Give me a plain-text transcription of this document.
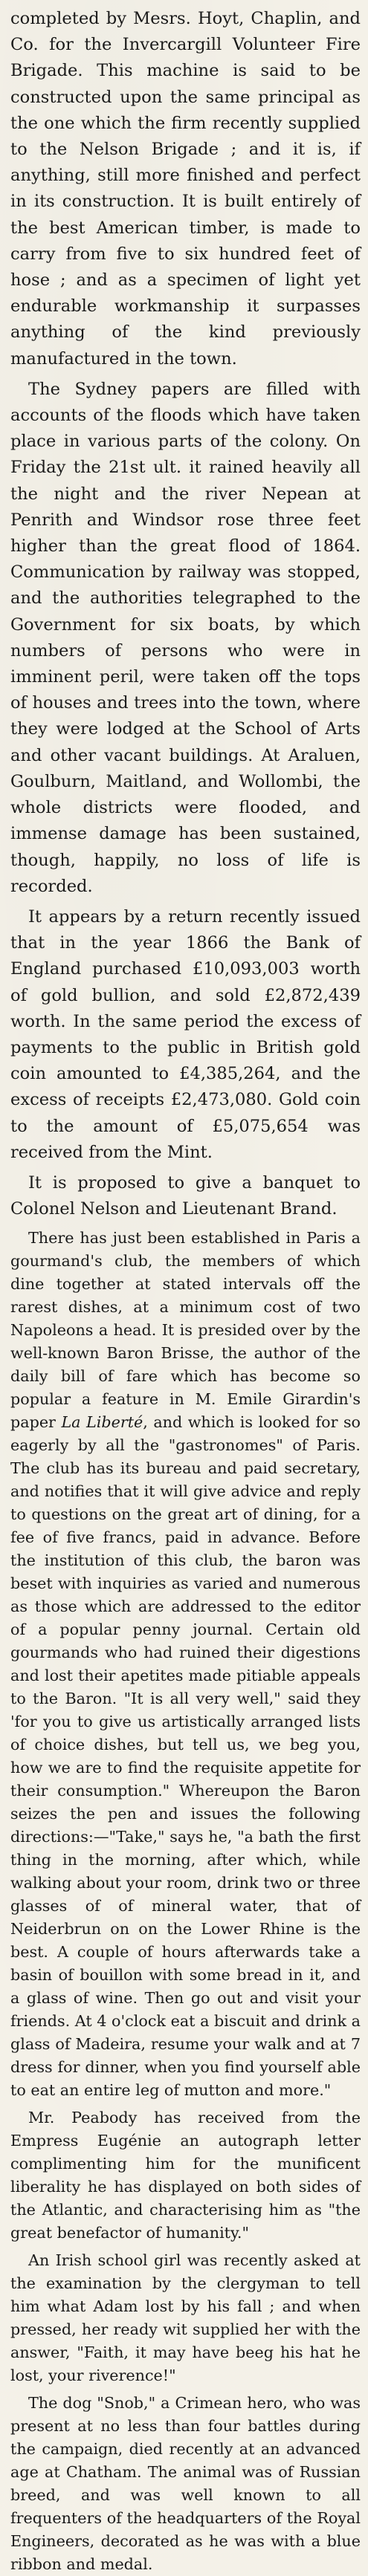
completed by Mesrs. Hoyt, Chaplin, and Co. for the Invercargill Volunteer Fire Brigade. This machine is said to be constructed upon the same principal as the one which the firm recently supplied to the Nelson Brigade ; and it is, if anything, still more finished and perfect in its construction. It is built entirely of the best American timber, is made to carry from five to six hundred feet of hose ; and as a specimen of light yet endurable workmanship it surpasses anything of the kind previously manufactured in the town.

The Sydney papers are filled with accounts of the floods which have taken place in various parts of the colony. On Friday the 21st ult. it rained heavily all the night and the river Nepean at Penrith and Windsor rose three feet higher than the great flood of 1864. Communication by railway was stopped, and the authorities telegraphed to the Government for six boats, by which numbers of persons who were in imminent peril, were taken off the tops of houses and trees into the town, where they were lodged at the School of Arts and other vacant buildings. At Araluen, Goulburn, Maitland, and Wollombi, the whole districts were flooded, and immense damage has been sustained, though, happily, no loss of life is recorded.

It appears by a return recently issued that in the year 1866 the Bank of England purchased £10,093,003 worth of gold bullion, and sold £2,872,439 worth. In the same period the excess of payments to the public in British gold coin amounted to £4,385,264, and the excess of receipts £2,473,080. Gold coin to the amount of £5,075,654 was received from the Mint.

It is proposed to give a banquet to Colonel Nelson and Lieutenant Brand.

There has just been established in Paris a gourmand's club, the members of which dine together at stated intervals off the rarest dishes, at a minimum cost of two Napoleons a head. It is presided over by the well-known Baron Brisse, the author of the daily bill of fare which has become so popular a feature in M. Emile Girardin's paper La Liberté, and which is looked for so eagerly by all the "gastronomes" of Paris. The club has its bureau and paid secretary, and notifies that it will give advice and reply to questions on the great art of dining, for a fee of five francs, paid in advance. Before the institution of this club, the baron was beset with inquiries as varied and numerous as those which are addressed to the editor of a popular penny journal. Certain old gourmands who had ruined their digestions and lost their apetites made pitiable appeals to the Baron. "It is all very well," said they 'for you to give us artistically arranged lists of choice dishes, but tell us, we beg you, how we are to find the requisite appetite for their consumption." Whereupon the Baron seizes the pen and issues the following directions:—"Take," says he, "a bath the first thing in the morning, after which, while walking about your room, drink two or three glasses of of mineral water, that of Neiderbrun on on the Lower Rhine is the best. A couple of hours afterwards take a basin of bouillon with some bread in it, and a glass of wine. Then go out and visit your friends. At 4 o'clock eat a biscuit and drink a glass of Madeira, resume your walk and at 7 dress for dinner, when you find yourself able to eat an entire leg of mutton and more."

Mr. Peabody has received from the Empress Eugénie an autograph letter complimenting him for the munificent liberality he has displayed on both sides of the Atlantic, and characterising him as "the great benefactor of humanity."

An Irish school girl was recently asked at the examination by the clergyman to tell him what Adam lost by his fall ; and when pressed, her ready wit supplied her with the answer, "Faith, it may have beeg his hat he lost, your riverence!"

The dog "Snob," a Crimean hero, who was present at no less than four battles during the campaign, died recently at an advanced age at Chatham. The animal was of Russian breed, and was well known to all frequenters of the headquarters of the Royal Engineers, decorated as he was with a blue ribbon and medal.
